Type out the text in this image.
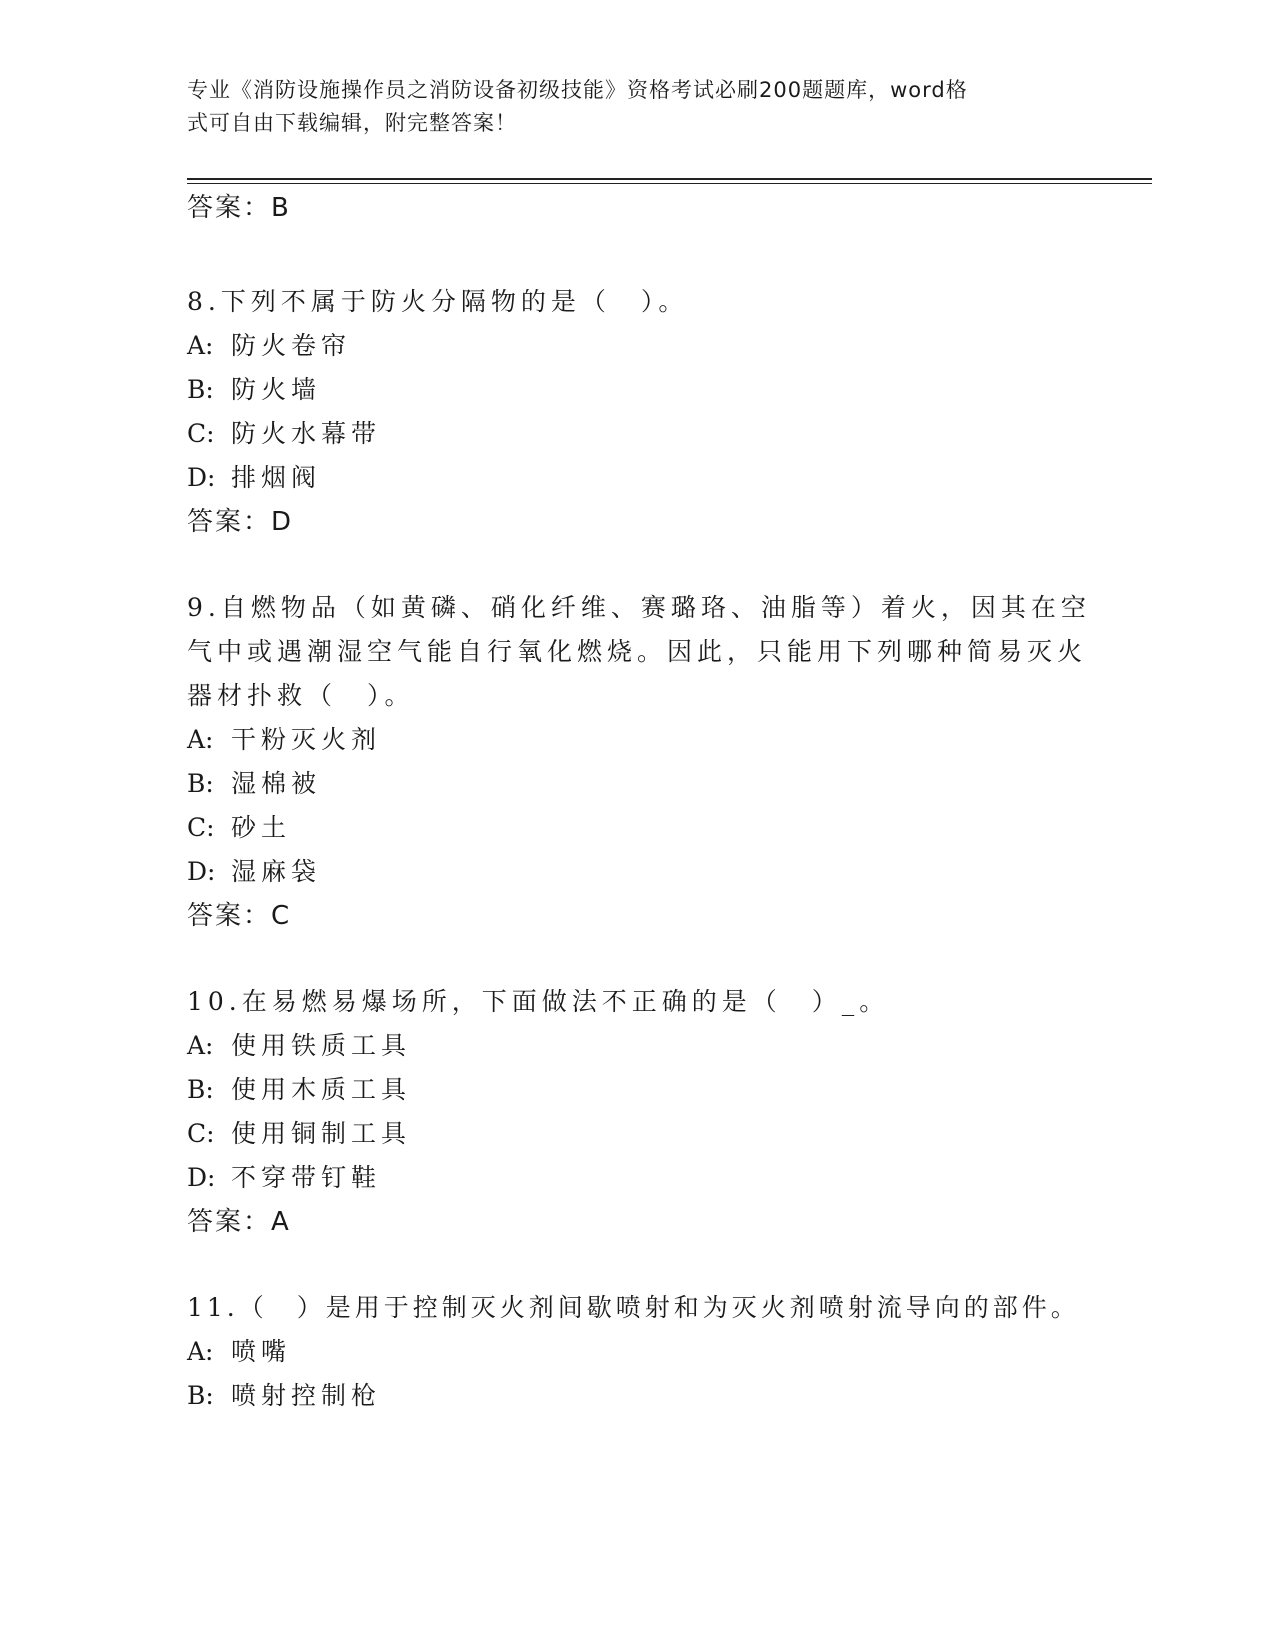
专业《消防设施操作员之消防设备初级技能》资格考试必刷200题题库，word格
式可自由下载编辑，附完整答案！
答案：B
8.下列不属于防火分隔物的是（　）。
A: 防火卷帘
B: 防火墙
C: 防火水幕带
D: 排烟阀
答案：D
9.自燃物品（如黄磷、硝化纤维、赛璐珞、油脂等）着火，因其在空
气中或遇潮湿空气能自行氧化燃烧。因此，只能用下列哪种简易灭火
器材扑救（　）。
A: 干粉灭火剂
B: 湿棉被
C: 砂土
D: 湿麻袋
答案：C
10.在易燃易爆场所，下面做法不正确的是（　）_。
A: 使用铁质工具
B: 使用木质工具
C: 使用铜制工具
D: 不穿带钉鞋
答案：A
11.（　）是用于控制灭火剂间歇喷射和为灭火剂喷射流导向的部件。
A: 喷嘴
B: 喷射控制枪
